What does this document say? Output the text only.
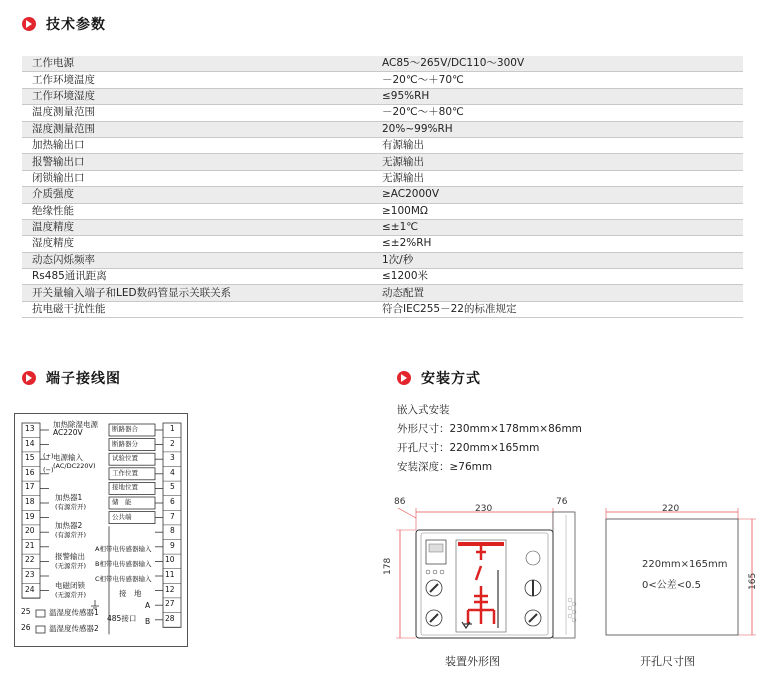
技术参数
工作电源	AC85～265V/DC110～300V
工作环境温度	－20℃～＋70℃
工作环境湿度	≤95%RH
温度测量范围	－20℃～＋80℃
湿度测量范围	20%~99%RH
加热输出口	有源输出
报警输出口	无源输出
闭锁输出口	无源输出
介质强度	≥AC2000V
绝缘性能	≥100MΩ
温度精度	≤±1℃
湿度精度	≤±2%RH
动态闪烁频率	1次/秒
Rs485通讯距离	≤1200米
开关量输入端子和LED数码管显示关联关系	动态配置
抗电磁干扰性能	符合IEC255－22的标准规定
端子接线图
13
14
15
16
17
18
19
20
21
22
23
24
1
2
3
4
5
6
7
8
9
10
11
12
27
28
断路器合
断路器分
试验位置
工作位置
接地位置
储　能
公共端
加热除湿电源
AC220V
(+) 电源输入
(−) (AC/DC220V)
加热器1
(有源常开)
加热器2
(有源常开)
报警输出
(无源常开)
电磁闭锁
(无源常开)
25 温湿度传感器1
26 温湿度传感器2
A相带电传感器输入
B相带电传感器输入
C相带电传感器输入
接　地
485接口
A
B
安装方式
嵌入式安装
外形尺寸：230mm×178mm×86mm
开孔尺寸：220mm×165mm
安装深度：≥76mm
230
86	76
178
220
165
220mm×165mm
0<公差<0.5
装置外形图	开孔尺寸图
